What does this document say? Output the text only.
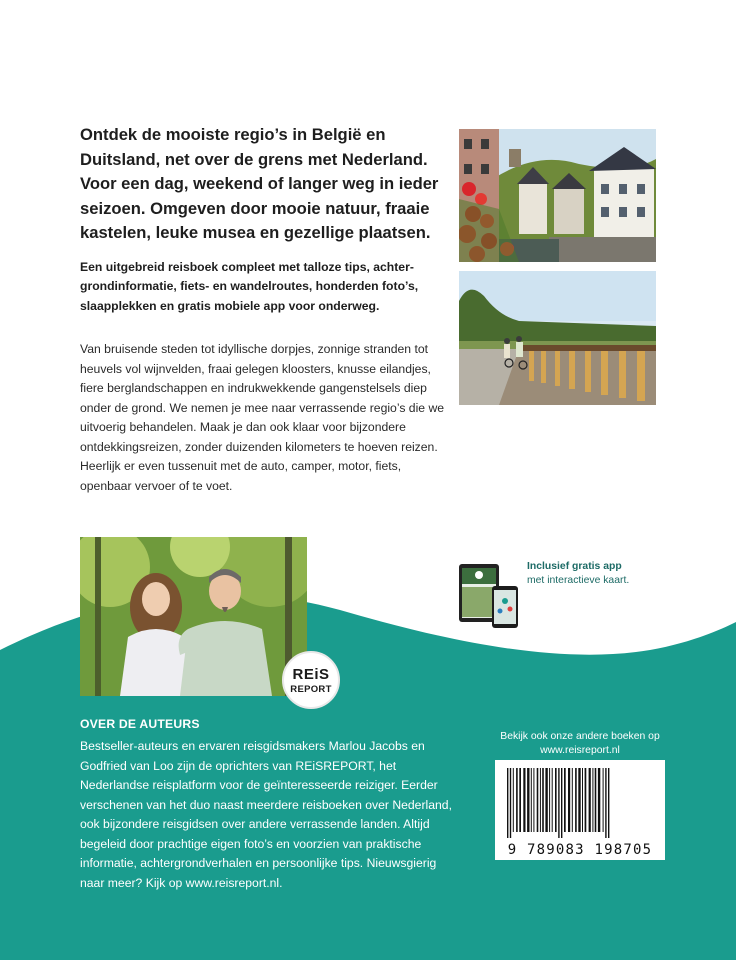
Ontdek de mooiste regio’s in België en Duitsland, net over de grens met Nederland. Voor een dag, weekend of langer weg in ieder seizoen. Omgeven door mooie natuur, fraaie kastelen, leuke musea en gezellige plaatsen.
Een uitgebreid reisboek compleet met talloze tips, achtergrondinformatie, fiets- en wandelroutes, honderden foto’s, slaapplekken en gratis mobiele app voor onderweg.
Van bruisende steden tot idyllische dorpjes, zonnige stranden tot heuvels vol wijnvelden, fraai gelegen kloosters, knusse eilandjes, fiere berglandschappen en indrukwekkende gangenstelsels diep onder de grond. We nemen je mee naar verrassende regio’s die we uitvoerig behandelen. Maak je dan ook klaar voor bijzondere ontdekkingsreizen, zonder duizenden kilometers te hoeven reizen. Heerlijk er even tussenuit met de auto, camper, motor, fiets, openbaar vervoer of te voet.
REiS
REPORT
Inclusief gratis app
met interactieve kaart.
OVER DE AUTEURS
Bestseller-auteurs en ervaren reisgidsmakers Marlou Jacobs en Godfried van Loo zijn de oprichters van REiSREPORT, het Nederlandse reisplatform voor de geïnteresseerde reiziger. Eerder verschenen van het duo naast meerdere reisboeken over Nederland, ook bijzondere reisgidsen over andere verrassende landen. Altijd begeleid door prachtige eigen foto’s en voorzien van praktische informatie, achtergrondverhalen en persoonlijke tips. Nieuwsgierig naar meer? Kijk op www.reisreport.nl.
Bekijk ook onze andere boeken op www.reisreport.nl
9 789083 198705
